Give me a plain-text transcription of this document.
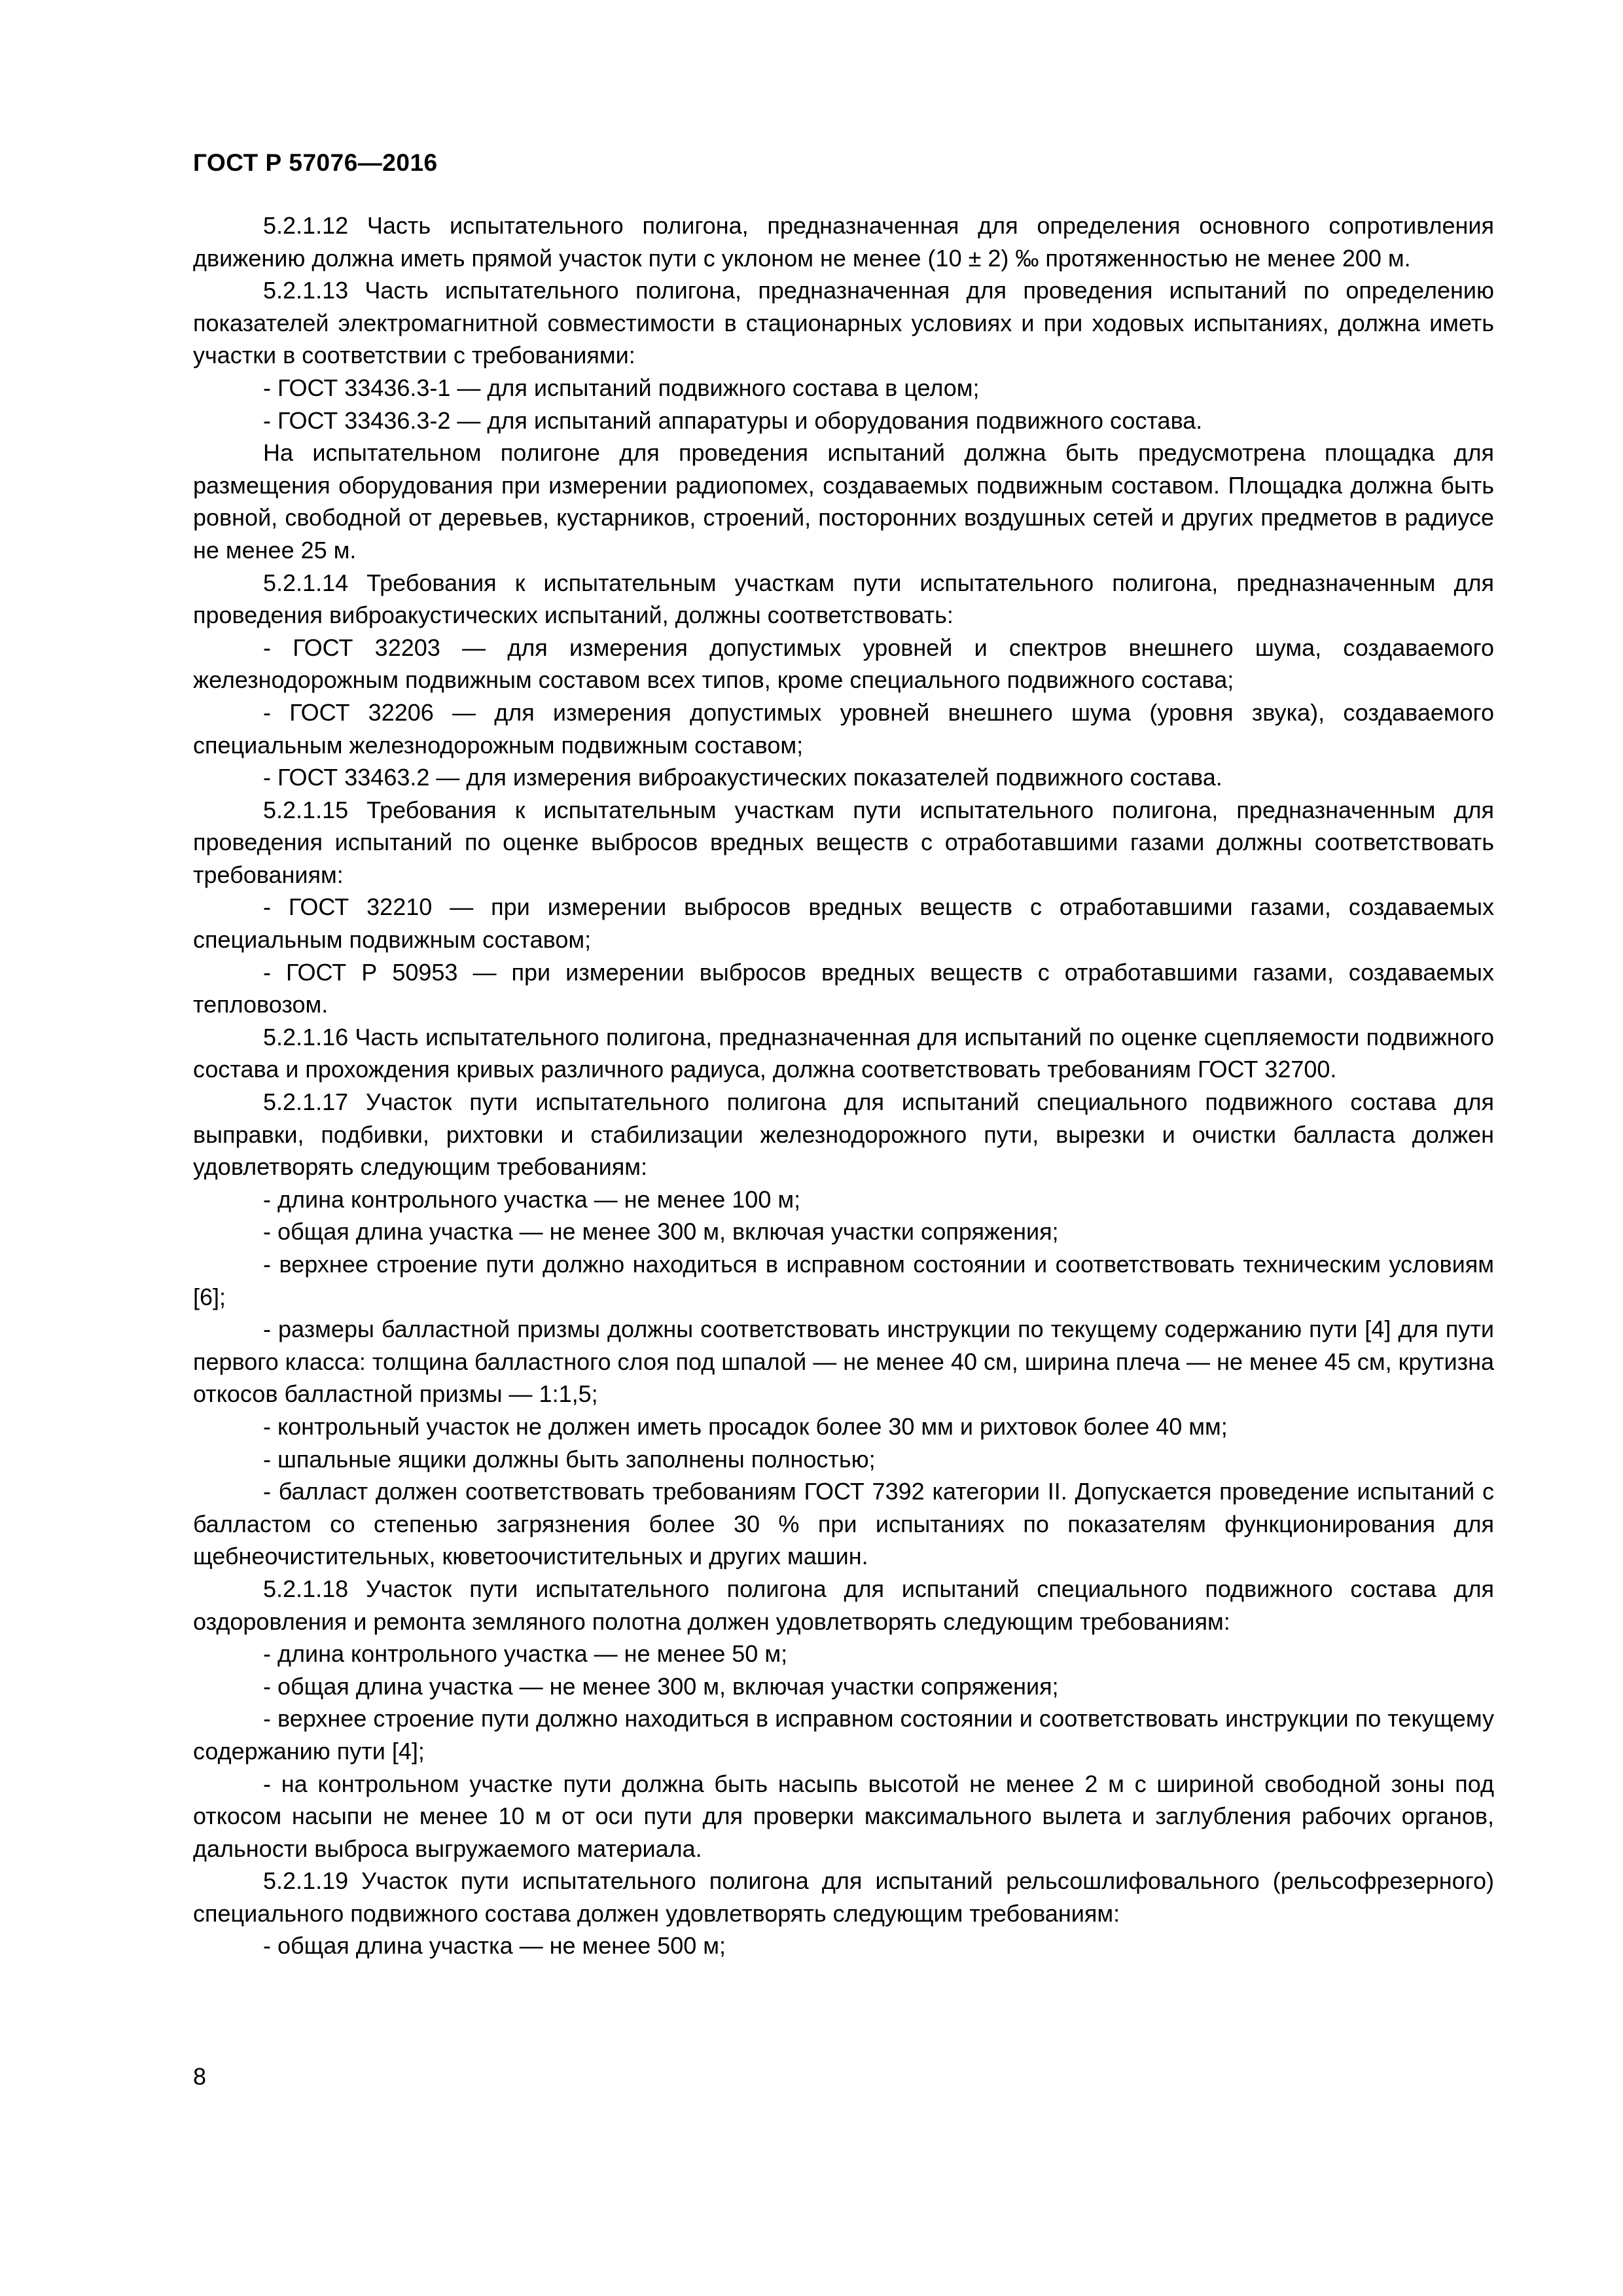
ГОСТ Р 57076—2016

5.2.1.12 Часть испытательного полигона, предназначенная для определения основного сопротивления движению должна иметь прямой участок пути с уклоном не менее (10 ± 2) ‰ протяженностью не менее 200 м.

5.2.1.13 Часть испытательного полигона, предназначенная для проведения испытаний по определению показателей электромагнитной совместимости в стационарных условиях и при ходовых испытаниях, должна иметь участки в соответствии с требованиями:

- ГОСТ 33436.3-1 — для испытаний подвижного состава в целом;

- ГОСТ 33436.3-2 — для испытаний аппаратуры и оборудования подвижного состава.

На испытательном полигоне для проведения испытаний должна быть предусмотрена площадка для размещения оборудования при измерении радиопомех, создаваемых подвижным составом. Площадка должна быть ровной, свободной от деревьев, кустарников, строений, посторонних воздушных сетей и других предметов в радиусе не менее 25 м.

5.2.1.14 Требования к испытательным участкам пути испытательного полигона, предназначенным для проведения виброакустических испытаний, должны соответствовать:

- ГОСТ 32203 — для измерения допустимых уровней и спектров внешнего шума, создаваемого железнодорожным подвижным составом всех типов, кроме специального подвижного состава;

- ГОСТ 32206 — для измерения допустимых уровней внешнего шума (уровня звука), создаваемого специальным железнодорожным подвижным составом;

- ГОСТ 33463.2 — для измерения виброакустических показателей подвижного состава.

5.2.1.15 Требования к испытательным участкам пути испытательного полигона, предназначенным для проведения испытаний по оценке выбросов вредных веществ с отработавшими газами должны соответствовать требованиям:

- ГОСТ 32210 — при измерении выбросов вредных веществ с отработавшими газами, создаваемых специальным подвижным составом;

- ГОСТ Р 50953 — при измерении выбросов вредных веществ с отработавшими газами, создаваемых тепловозом.

5.2.1.16 Часть испытательного полигона, предназначенная для испытаний по оценке сцепляемости подвижного состава и прохождения кривых различного радиуса, должна соответствовать требованиям ГОСТ 32700.

5.2.1.17 Участок пути испытательного полигона для испытаний специального подвижного состава для выправки, подбивки, рихтовки и стабилизации железнодорожного пути, вырезки и очистки балласта должен удовлетворять следующим требованиям:

- длина контрольного участка — не менее 100 м;

- общая длина участка — не менее 300 м, включая участки сопряжения;

- верхнее строение пути должно находиться в исправном состоянии и соответствовать техническим условиям [6];

- размеры балластной призмы должны соответствовать инструкции по текущему содержанию пути [4] для пути первого класса: толщина балластного слоя под шпалой — не менее 40 см, ширина плеча — не менее 45 см, крутизна откосов балластной призмы — 1:1,5;

- контрольный участок не должен иметь просадок более 30 мм и рихтовок более 40 мм;

- шпальные ящики должны быть заполнены полностью;

- балласт должен соответствовать требованиям ГОСТ 7392 категории II. Допускается проведение испытаний с балластом со степенью загрязнения более 30 % при испытаниях по показателям функционирования для щебнеочистительных, кюветоочистительных и других машин.

5.2.1.18 Участок пути испытательного полигона для испытаний специального подвижного состава для оздоровления и ремонта земляного полотна должен удовлетворять следующим требованиям:

- длина контрольного участка — не менее 50 м;

- общая длина участка — не менее 300 м, включая участки сопряжения;

- верхнее строение пути должно находиться в исправном состоянии и соответствовать инструкции по текущему содержанию пути [4];

- на контрольном участке пути должна быть насыпь высотой не менее 2 м с шириной свободной зоны под откосом насыпи не менее 10 м от оси пути для проверки максимального вылета и заглубления рабочих органов, дальности выброса выгружаемого материала.

5.2.1.19 Участок пути испытательного полигона для испытаний рельсошлифовального (рельсофрезерного) специального подвижного состава должен удовлетворять следующим требованиям:

- общая длина участка — не менее 500 м;

8
